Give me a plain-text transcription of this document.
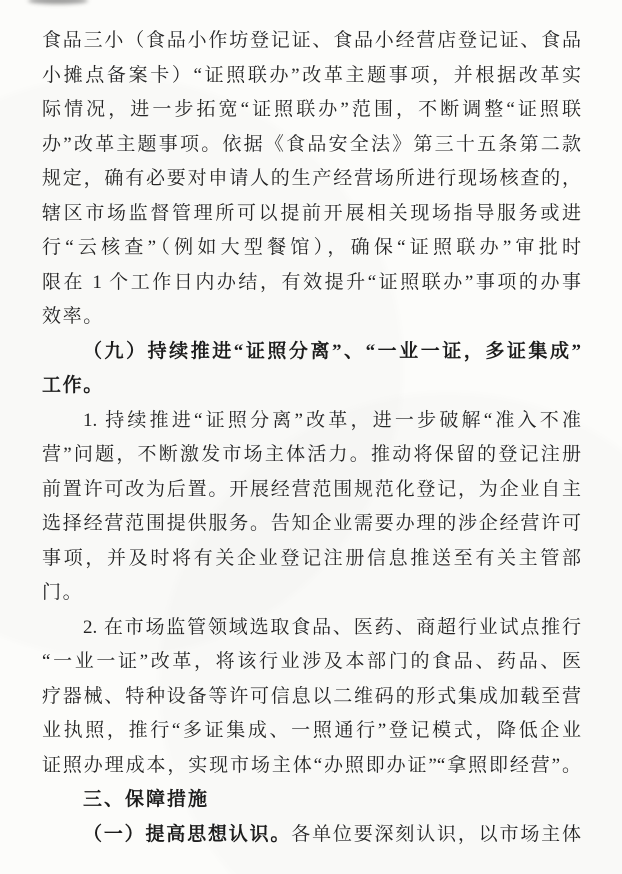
食品三小（食品小作坊登记证、食品小经营店登记证、食品
小摊点备案卡）“证照联办”改革主题事项，并根据改革实
际情况，进一步拓宽“证照联办”范围，不断调整“证照联
办”改革主题事项。依据《食品安全法》第三十五条第二款
规定，确有必要对申请人的生产经营场所进行现场核查的，
辖区市场监督管理所可以提前开展相关现场指导服务或进
行“云核查”（例如大型餐馆），确保“证照联办”审批时
限在 1 个工作日内办结，有效提升“证照联办”事项的办事
效率。
（九）持续推进“证照分离”、“一业一证，多证集成”
工作。
1. 持续推进“证照分离”改革，进一步破解“准入不准
营”问题，不断激发市场主体活力。推动将保留的登记注册
前置许可改为后置。开展经营范围规范化登记，为企业自主
选择经营范围提供服务。告知企业需要办理的涉企经营许可
事项，并及时将有关企业登记注册信息推送至有关主管部
门。
2. 在市场监管领域选取食品、医药、商超行业试点推行
“一业一证”改革，将该行业涉及本部门的食品、药品、医
疗器械、特种设备等许可信息以二维码的形式集成加载至营
业执照，推行“多证集成、一照通行”登记模式，降低企业
证照办理成本，实现市场主体“办照即办证”“拿照即经营”。
三、保障措施
（一）提高思想认识。各单位要深刻认识，以市场主体
